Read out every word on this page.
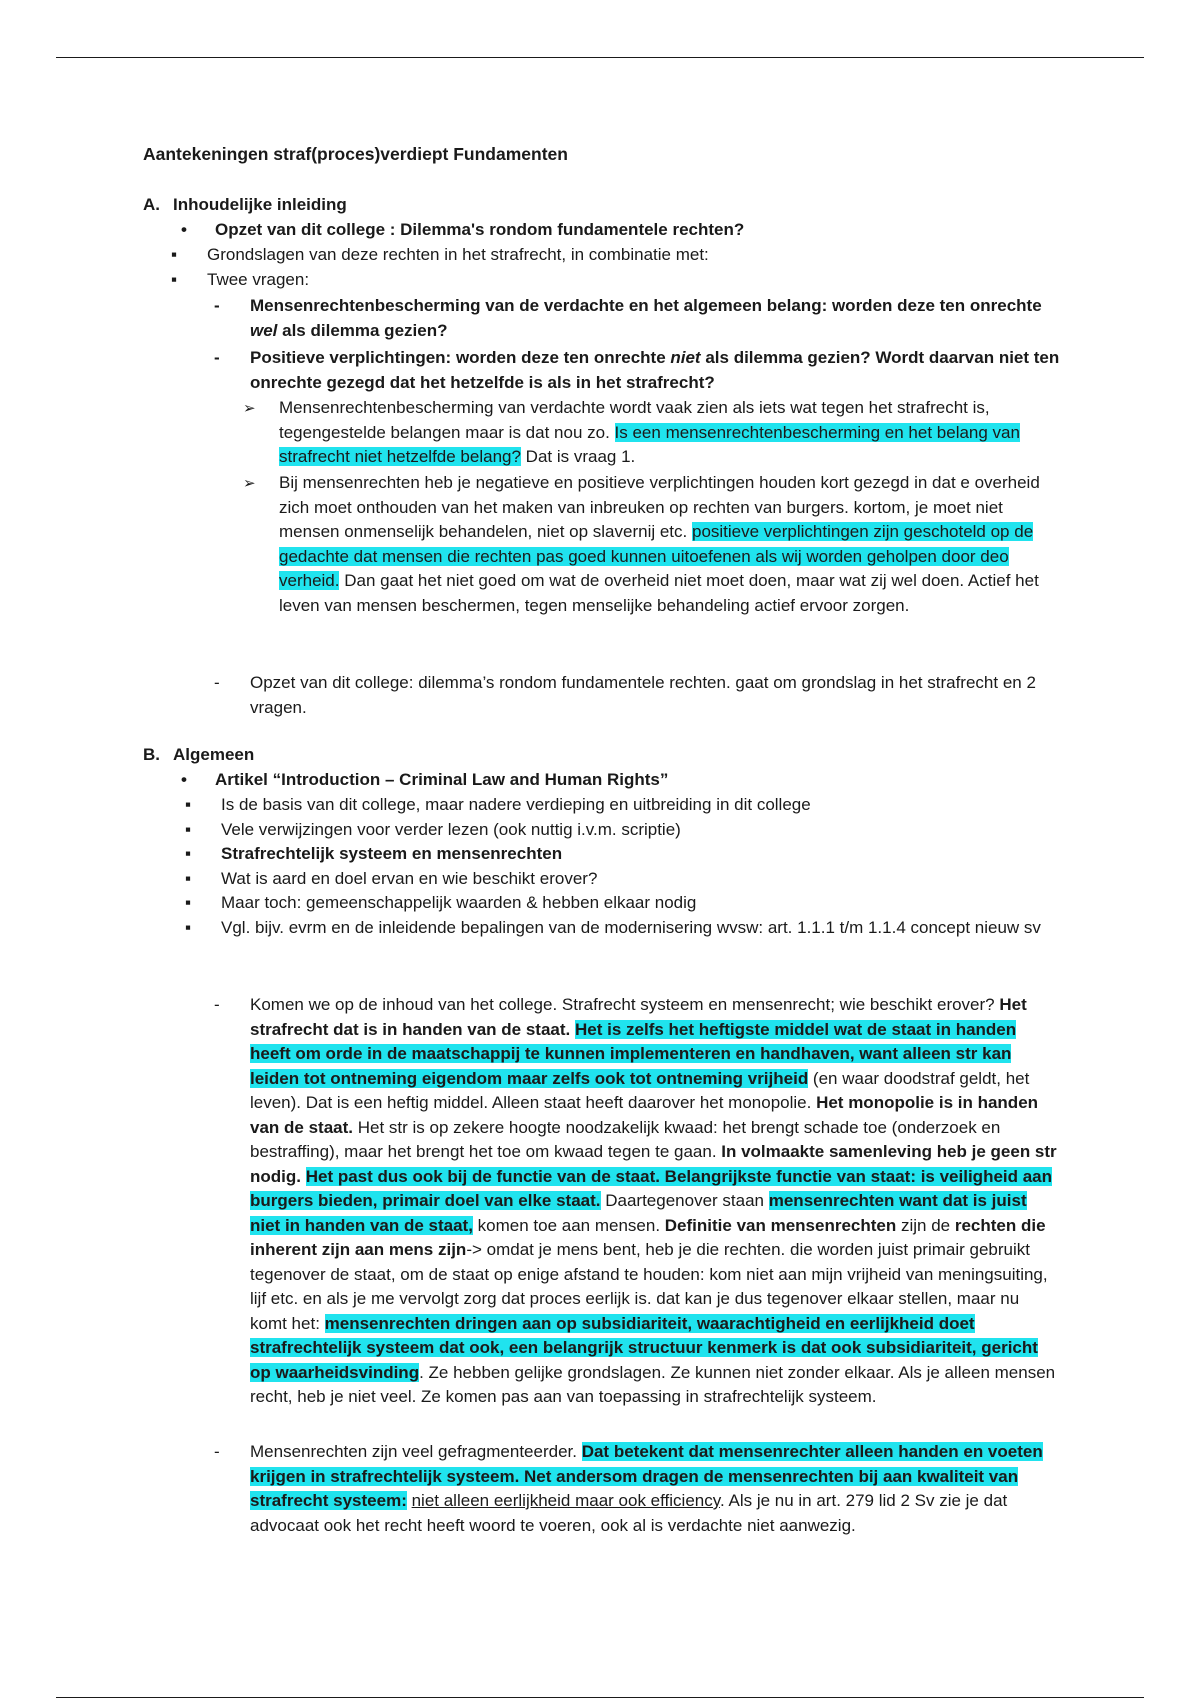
Aantekeningen straf(proces)verdiept Fundamenten
A. Inhoudelijke inleiding
•
Opzet van dit college : Dilemma's rondom fundamentele rechten?
▪
Grondslagen van deze rechten in het strafrecht, in combinatie met:
▪
Twee vragen:
-
Mensenrechtenbescherming van de verdachte en het algemeen belang: worden deze ten onrechte wel als dilemma gezien?
-
Positieve verplichtingen: worden deze ten onrechte niet als dilemma gezien? Wordt daarvan niet ten onrechte gezegd dat het hetzelfde is als in het strafrecht?
➢
Mensenrechtenbescherming van verdachte wordt vaak zien als iets wat tegen het strafrecht is, tegengestelde belangen maar is dat nou zo. Is een mensenrechtenbescherming en het belang van strafrecht niet hetzelfde belang? Dat is vraag 1.
➢
Bij mensenrechten heb je negatieve en positieve verplichtingen houden kort gezegd in dat e overheid zich moet onthouden van het maken van inbreuken op rechten van burgers. kortom, je moet niet mensen onmenselijk behandelen, niet op slavernij etc. positieve verplichtingen zijn geschoteld op de gedachte dat mensen die rechten pas goed kunnen uitoefenen als wij worden geholpen door deo verheid. Dan gaat het niet goed om wat de overheid niet moet doen, maar wat zij wel doen. Actief het leven van mensen beschermen, tegen menselijke behandeling actief ervoor zorgen.
-
Opzet van dit college: dilemma’s rondom fundamentele rechten. gaat om grondslag in het strafrecht en 2 vragen.
B. Algemeen
•
Artikel “Introduction – Criminal Law and Human Rights”
▪
Is de basis van dit college, maar nadere verdieping en uitbreiding in dit college
▪
Vele verwijzingen voor verder lezen (ook nuttig i.v.m. scriptie)
▪
Strafrechtelijk systeem en mensenrechten
▪
Wat is aard en doel ervan en wie beschikt erover?
▪
Maar toch: gemeenschappelijk waarden & hebben elkaar nodig
▪
Vgl. bijv. evrm en de inleidende bepalingen van de modernisering wvsw: art. 1.1.1 t/m 1.1.4 concept nieuw sv
-
Komen we op de inhoud van het college. Strafrecht systeem en mensenrecht; wie beschikt erover? Het strafrecht dat is in handen van de staat. Het is zelfs het heftigste middel wat de staat in handen heeft om orde in de maatschappij te kunnen implementeren en handhaven, want alleen str kan leiden tot ontneming eigendom maar zelfs ook tot ontneming vrijheid (en waar doodstraf geldt, het leven). Dat is een heftig middel. Alleen staat heeft daarover het monopolie. Het monopolie is in handen van de staat. Het str is op zekere hoogte noodzakelijk kwaad: het brengt schade toe (onderzoek en bestraffing), maar het brengt het toe om kwaad tegen te gaan. In volmaakte samenleving heb je geen str nodig. Het past dus ook bij de functie van de staat. Belangrijkste functie van staat: is veiligheid aan burgers bieden, primair doel van elke staat. Daartegenover staan mensenrechten want dat is juist niet in handen van de staat, komen toe aan mensen. Definitie van mensenrechten zijn de rechten die inherent zijn aan mens zijn-> omdat je mens bent, heb je die rechten. die worden juist primair gebruikt tegenover de staat, om de staat op enige afstand te houden: kom niet aan mijn vrijheid van meningsuiting, lijf etc. en als je me vervolgt zorg dat proces eerlijk is. dat kan je dus tegenover elkaar stellen, maar nu komt het: mensenrechten dringen aan op subsidiariteit, waarachtigheid en eerlijkheid doet strafrechtelijk systeem dat ook, een belangrijk structuur kenmerk is dat ook subsidiariteit, gericht op waarheidsvinding. Ze hebben gelijke grondslagen. Ze kunnen niet zonder elkaar. Als je alleen mensen recht, heb je niet veel. Ze komen pas aan van toepassing in strafrechtelijk systeem.
-
Mensenrechten zijn veel gefragmenteerder. Dat betekent dat mensenrechter alleen handen en voeten krijgen in strafrechtelijk systeem. Net andersom dragen de mensenrechten bij aan kwaliteit van strafrecht systeem: niet alleen eerlijkheid maar ook efficiency. Als je nu in art. 279 lid 2 Sv zie je dat advocaat ook het recht heeft woord te voeren, ook al is verdachte niet aanwezig.
